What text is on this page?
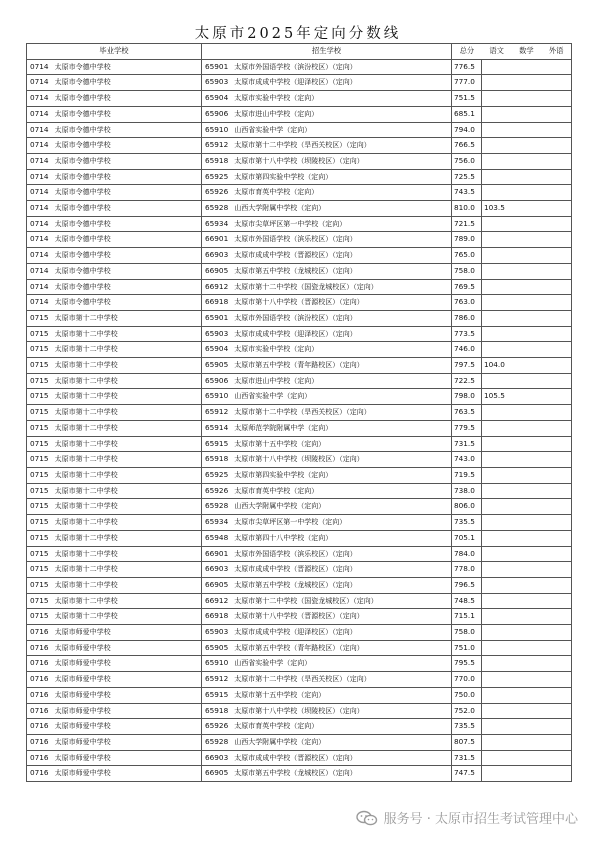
太原市2025年定向分数线
毕业学校	招生学校	总分 语文 数学 外语	

0714 太原市令德中学校	65901 太原市外国语学校（滨汾校区）（定向）	776.5	
0714 太原市令德中学校	65903 太原市成成中学校（迎泽校区）（定向）	777.0	
0714 太原市令德中学校	65904 太原市实验中学校（定向）	751.5	
0714 太原市令德中学校	65906 太原市进山中学校（定向）	685.1	
0714 太原市令德中学校	65910 山西省实验中学（定向）	794.0	
0714 太原市令德中学校	65912 太原市第十二中学校（旱西关校区）（定向）	766.5	
0714 太原市令德中学校	65918 太原市第十八中学校（坝陵校区）（定向）	756.0	
0714 太原市令德中学校	65925 太原市第四实验中学校（定向）	725.5	
0714 太原市令德中学校	65926 太原市育英中学校（定向）	743.5	
0714 太原市令德中学校	65928 山西大学附属中学校（定向）	810.0	103.5
0714 太原市令德中学校	65934 太原市尖草坪区第一中学校（定向）	721.5	
0714 太原市令德中学校	66901 太原市外国语学校（滨乐校区）（定向）	789.0	
0714 太原市令德中学校	66903 太原市成成中学校（晋源校区）（定向）	765.0	
0714 太原市令德中学校	66905 太原市第五中学校（龙城校区）（定向）	758.0	
0714 太原市令德中学校	66912 太原市第十二中学校（国瓷龙城校区）（定向）	769.5	
0714 太原市令德中学校	66918 太原市第十八中学校（晋源校区）（定向）	763.0	
0715 太原市第十二中学校	65901 太原市外国语学校（滨汾校区）（定向）	786.0	
0715 太原市第十二中学校	65903 太原市成成中学校（迎泽校区）（定向）	773.5	
0715 太原市第十二中学校	65904 太原市实验中学校（定向）	746.0	
0715 太原市第十二中学校	65905 太原市第五中学校（青年路校区）（定向）	797.5	104.0
0715 太原市第十二中学校	65906 太原市进山中学校（定向）	722.5	
0715 太原市第十二中学校	65910 山西省实验中学（定向）	798.0	105.5
0715 太原市第十二中学校	65912 太原市第十二中学校（旱西关校区）（定向）	763.5	
0715 太原市第十二中学校	65914 太原师范学院附属中学（定向）	779.5	
0715 太原市第十二中学校	65915 太原市第十五中学校（定向）	731.5	
0715 太原市第十二中学校	65918 太原市第十八中学校（坝陵校区）（定向）	743.0	
0715 太原市第十二中学校	65925 太原市第四实验中学校（定向）	719.5	
0715 太原市第十二中学校	65926 太原市育英中学校（定向）	738.0	
0715 太原市第十二中学校	65928 山西大学附属中学校（定向）	806.0	
0715 太原市第十二中学校	65934 太原市尖草坪区第一中学校（定向）	735.5	
0715 太原市第十二中学校	65948 太原市第四十八中学校（定向）	705.1	
0715 太原市第十二中学校	66901 太原市外国语学校（滨乐校区）（定向）	784.0	
0715 太原市第十二中学校	66903 太原市成成中学校（晋源校区）（定向）	778.0	
0715 太原市第十二中学校	66905 太原市第五中学校（龙城校区）（定向）	796.5	
0715 太原市第十二中学校	66912 太原市第十二中学校（国瓷龙城校区）（定向）	748.5	
0715 太原市第十二中学校	66918 太原市第十八中学校（晋源校区）（定向）	715.1	
0716 太原市师爱中学校	65903 太原市成成中学校（迎泽校区）（定向）	758.0	
0716 太原市师爱中学校	65905 太原市第五中学校（青年路校区）（定向）	751.0	
0716 太原市师爱中学校	65910 山西省实验中学（定向）	795.5	
0716 太原市师爱中学校	65912 太原市第十二中学校（旱西关校区）（定向）	770.0	
0716 太原市师爱中学校	65915 太原市第十五中学校（定向）	750.0	
0716 太原市师爱中学校	65918 太原市第十八中学校（坝陵校区）（定向）	752.0	
0716 太原市师爱中学校	65926 太原市育英中学校（定向）	735.5	
0716 太原市师爱中学校	65928 山西大学附属中学校（定向）	807.5	
0716 太原市师爱中学校	66903 太原市成成中学校（晋源校区）（定向）	731.5	
0716 太原市师爱中学校	66905 太原市第五中学校（龙城校区）（定向）	747.5	
服务号 · 太原市招生考试管理中心
